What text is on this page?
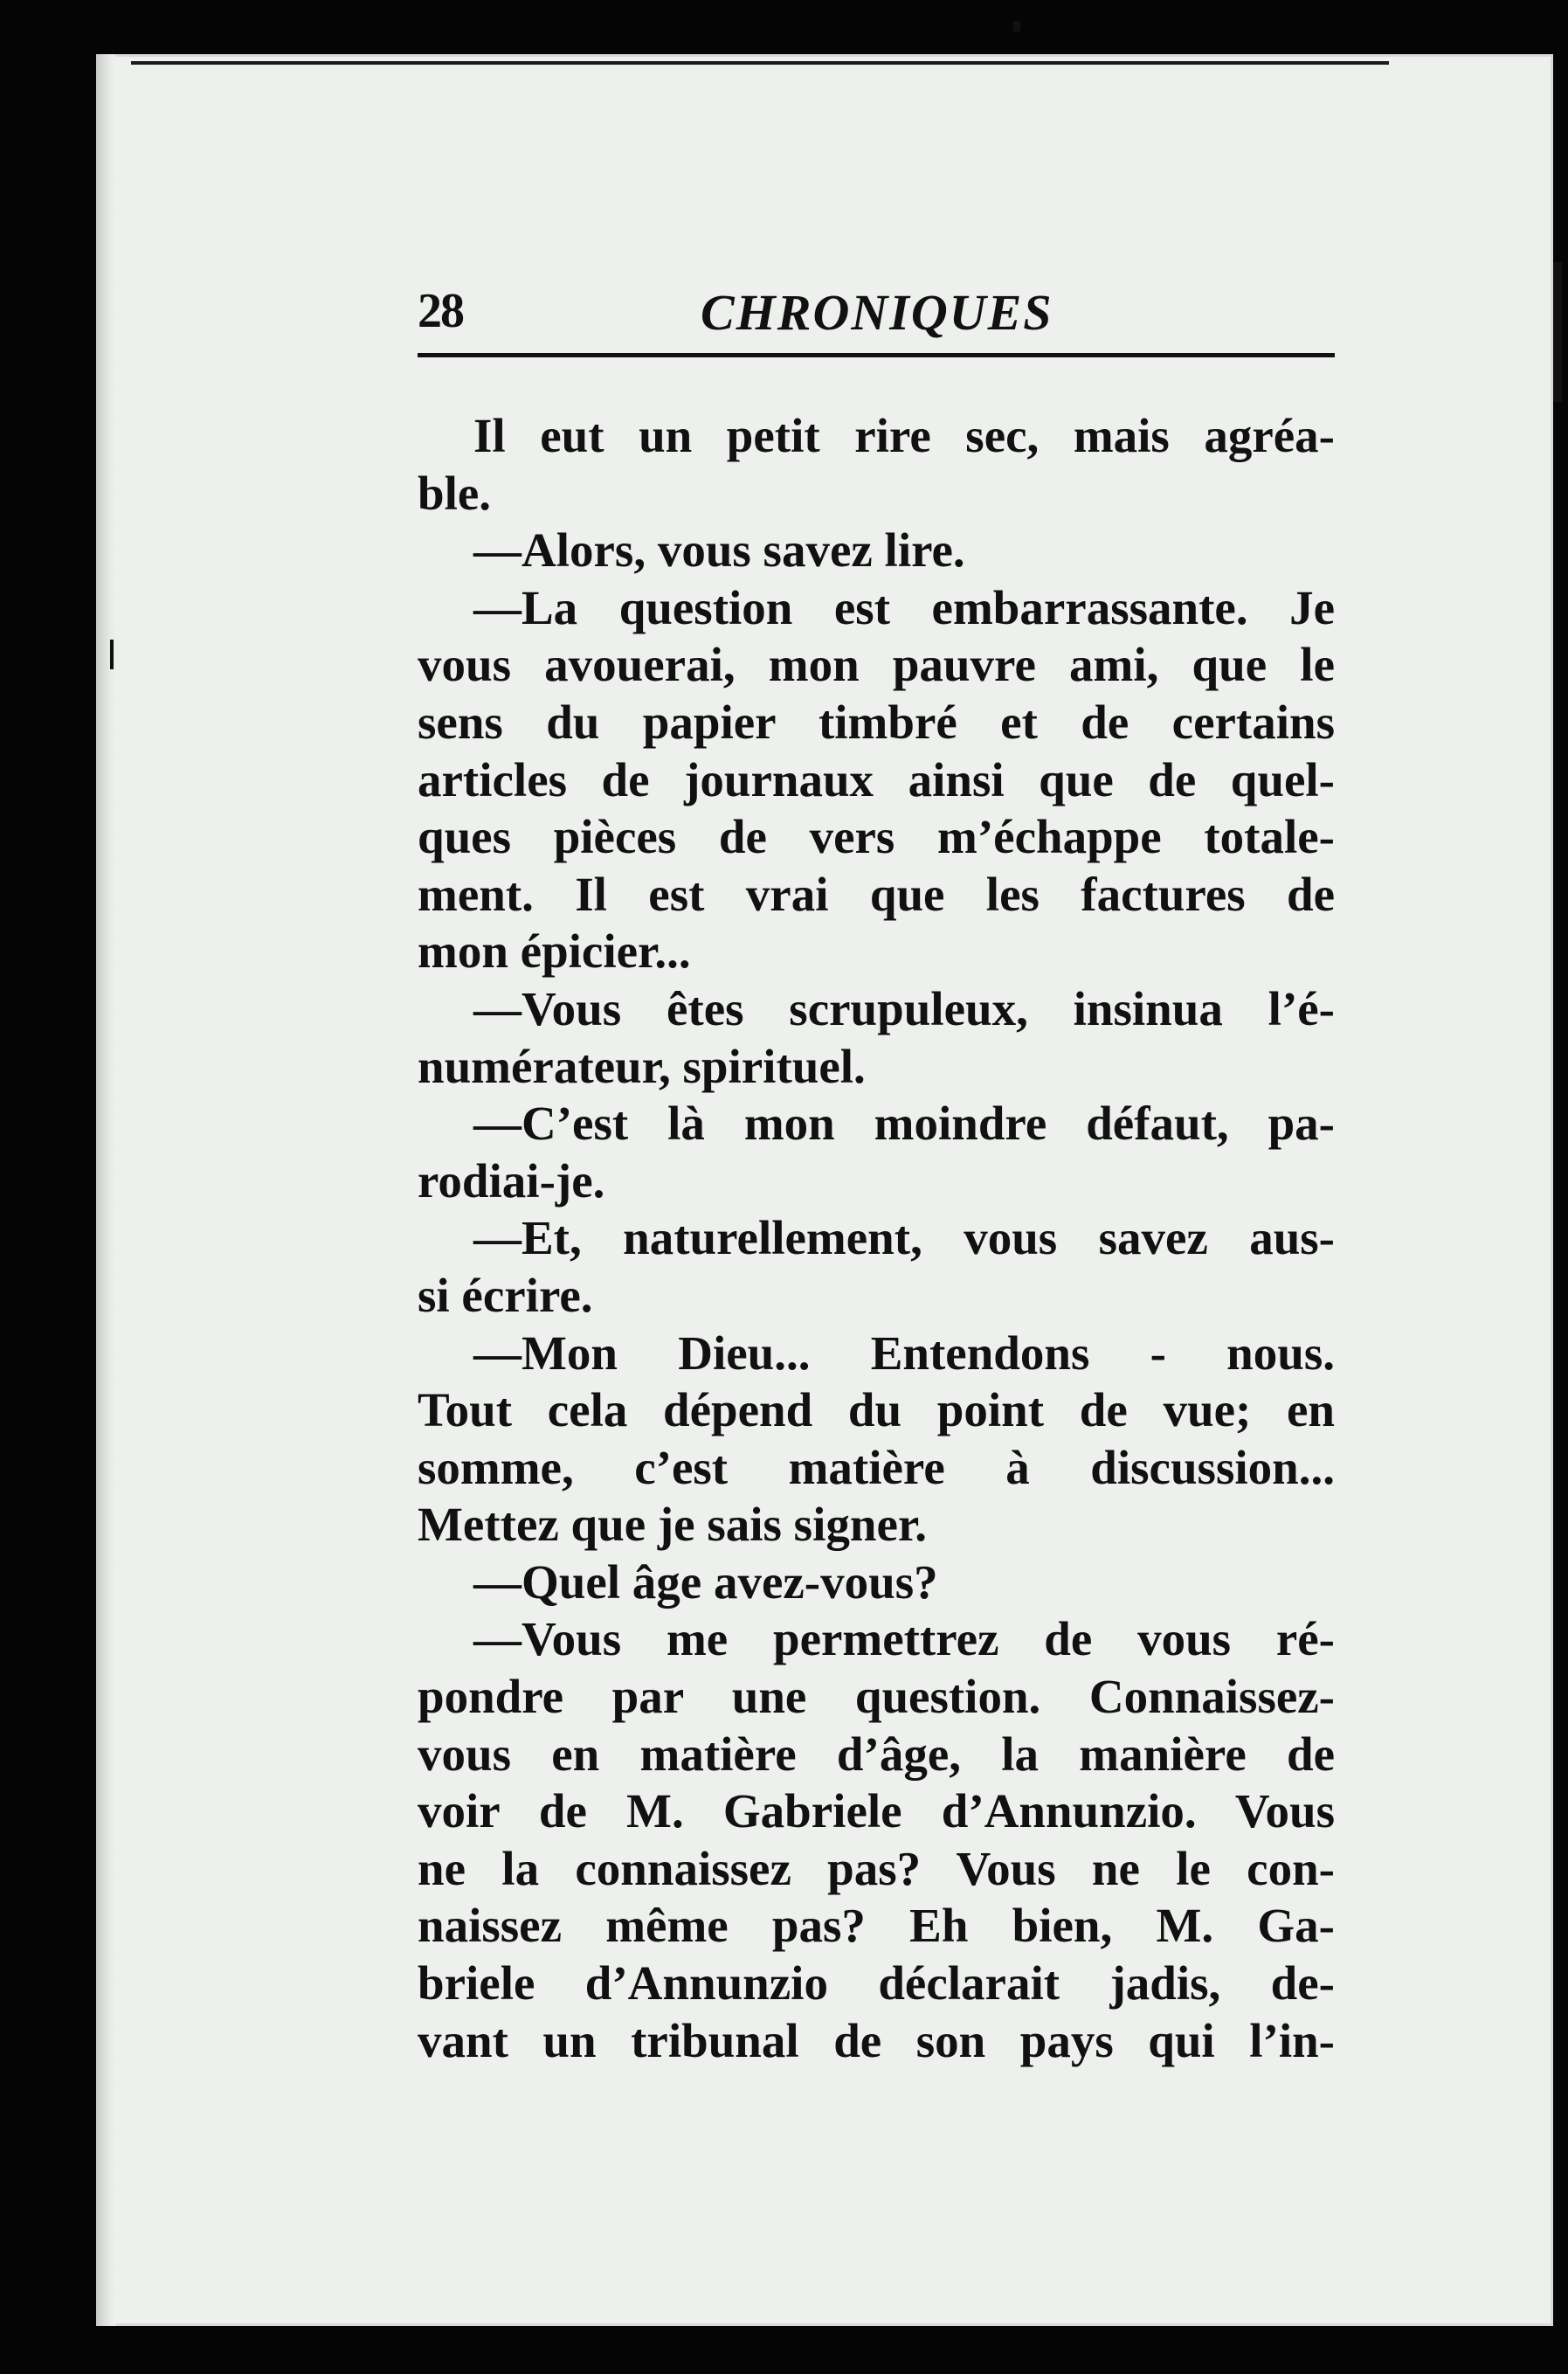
28	CHRONIQUES
Il eut un petit rire sec, mais agréa-
ble.
—Alors, vous savez lire.
—La question est embarrassante. Je
vous avouerai, mon pauvre ami, que le
sens du papier timbré et de certains
articles de journaux ainsi que de quel-
ques pièces de vers m’échappe totale-
ment. Il est vrai que les factures de
mon épicier...
—Vous êtes scrupuleux, insinua l’é-
numérateur, spirituel.
—C’est là mon moindre défaut, pa-
rodiai-je.
—Et, naturellement, vous savez aus-
si écrire.
—Mon Dieu... Entendons - nous.
Tout cela dépend du point de vue; en
somme, c’est matière à discussion...
Mettez que je sais signer.
—Quel âge avez-vous?
—Vous me permettrez de vous ré-
pondre par une question. Connaissez-
vous en matière d’âge, la manière de
voir de M. Gabriele d’Annunzio. Vous
ne la connaissez pas? Vous ne le con-
naissez même pas? Eh bien, M. Ga-
briele d’Annunzio déclarait jadis, de-
vant un tribunal de son pays qui l’in-
